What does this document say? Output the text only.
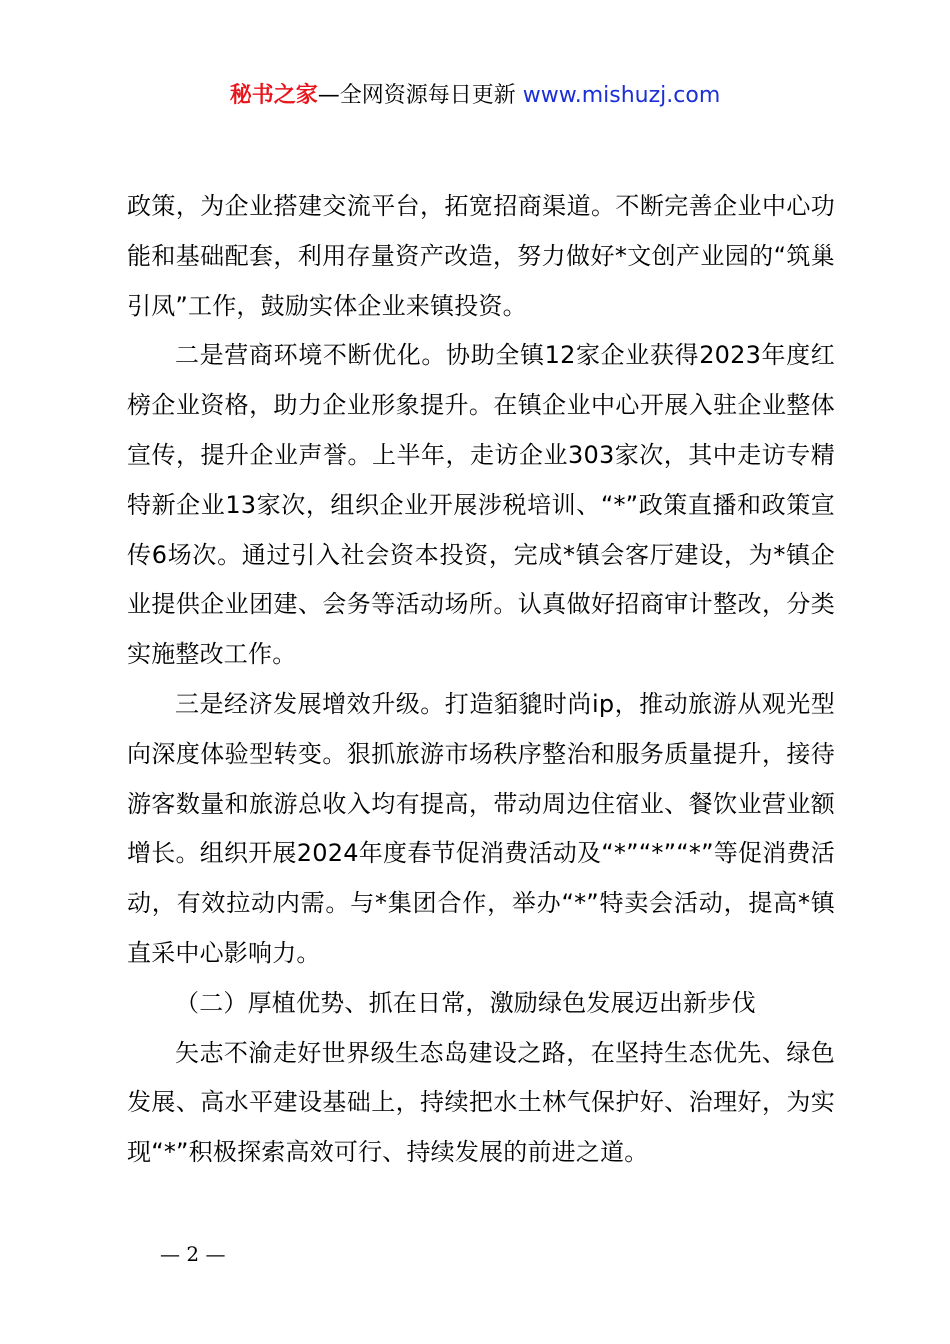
秘书之家—全网资源每日更新 www.mishuzj.com

政策，为企业搭建交流平台，拓宽招商渠道。不断完善企业中心功能和基础配套，利用存量资产改造，努力做好*文创产业园的“筑巢引凤”工作，鼓励实体企业来镇投资。

二是营商环境不断优化。协助全镇12家企业获得2023年度红榜企业资格，助力企业形象提升。在镇企业中心开展入驻企业整体宣传，提升企业声誉。上半年，走访企业303家次，其中走访专精特新企业13家次，组织企业开展涉税培训、“*”政策直播和政策宣传6场次。通过引入社会资本投资，完成*镇会客厅建设，为*镇企业提供企业团建、会务等活动场所。认真做好招商审计整改，分类实施整改工作。

三是经济发展增效升级。打造貊貔时尚ip，推动旅游从观光型向深度体验型转变。狠抓旅游市场秩序整治和服务质量提升，接待游客数量和旅游总收入均有提高，带动周边住宿业、餐饮业营业额增长。组织开展2024年度春节促消费活动及“*”“*”“*”等促消费活动，有效拉动内需。与*集团合作，举办“*”特卖会活动，提高*镇直采中心影响力。

（二）厚植优势、抓在日常，激励绿色发展迈出新步伐

矢志不渝走好世界级生态岛建设之路，在坚持生态优先、绿色发展、高水平建设基础上，持续把水土林气保护好、治理好，为实现“*”积极探索高效可行、持续发展的前进之道。

— 2 —
